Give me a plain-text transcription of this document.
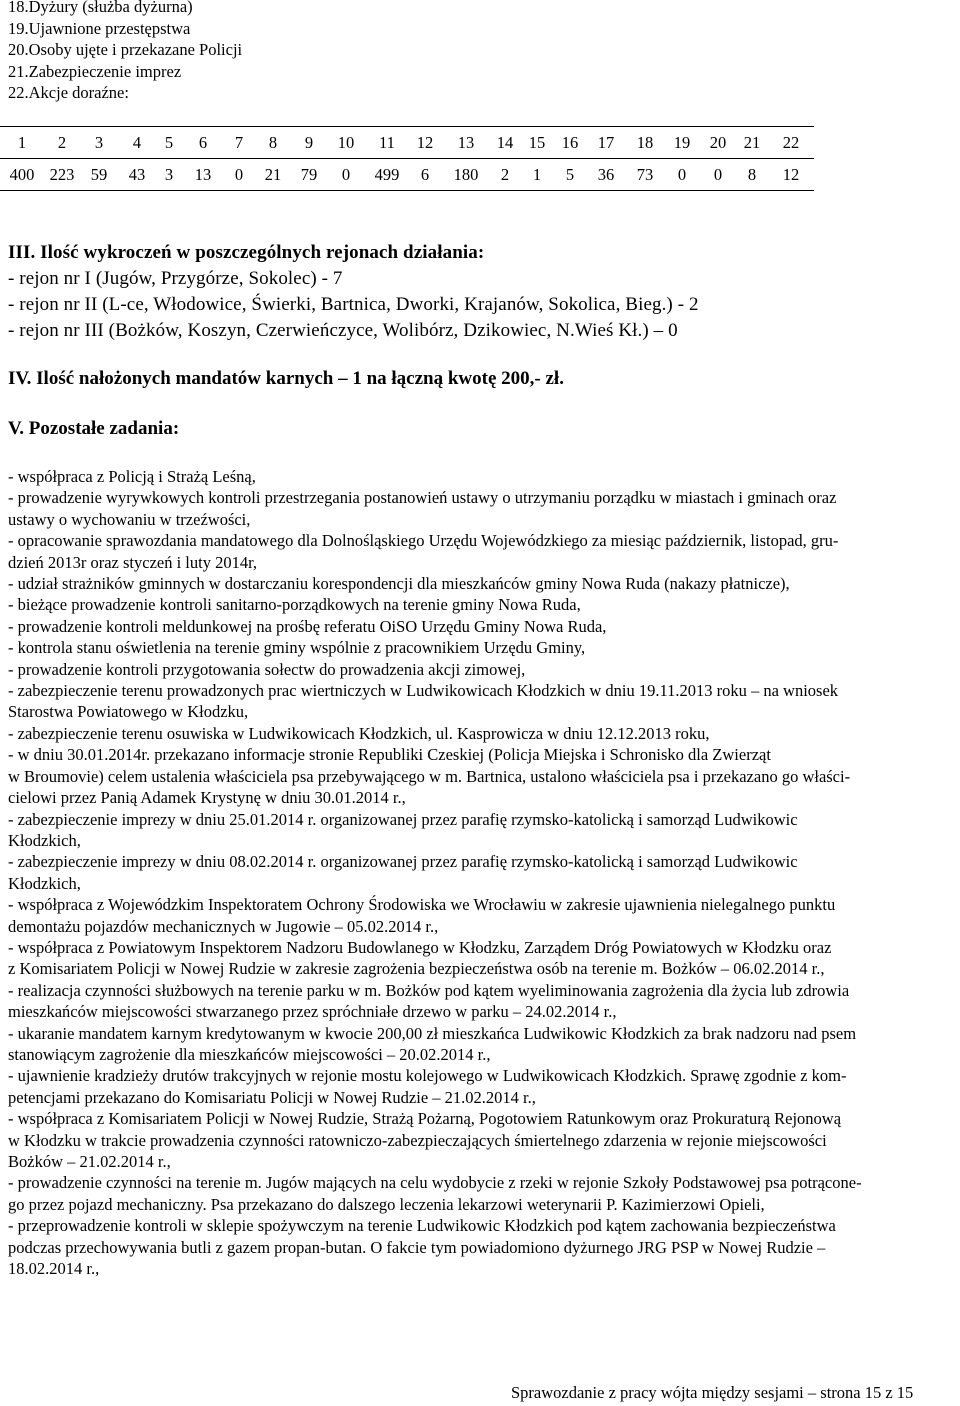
18.Dyżury (służba dyżurna)
19.Ujawnione przestępstwa
20.Osoby ujęte i przekazane Policji
21.Zabezpieczenie imprez
22.Akcje doraźne:
1	2	3	4	5	6	7	8	9	10	11	12	13	14	15	16	17	18	19	20	21	22
400	223	59	43	3	13	0	21	79	0	499	6	180	2	1	5	36	73	0	0	8	12
III. Ilość wykroczeń w poszczególnych rejonach działania:
- rejon nr I (Jugów, Przygórze, Sokolec) - 7
- rejon nr II (L-ce, Włodowice, Świerki, Bartnica, Dworki, Krajanów, Sokolica, Bieg.) - 2
- rejon nr III (Bożków, Koszyn, Czerwieńczyce, Wolibórz, Dzikowiec, N.Wieś Kł.) – 0
IV. Ilość nałożonych mandatów karnych – 1 na łączną kwotę 200,- zł.
V. Pozostałe zadania:
- współpraca z Policją i Strażą Leśną,
- prowadzenie wyrywkowych kontroli przestrzegania postanowień ustawy o utrzymaniu porządku w miastach i gminach oraz
ustawy o wychowaniu w trzeźwości,
- opracowanie sprawozdania mandatowego dla Dolnośląskiego Urzędu Wojewódzkiego za miesiąc październik, listopad, gru-
dzień 2013r oraz styczeń i luty 2014r,
- udział strażników gminnych w dostarczaniu korespondencji dla mieszkańców gminy Nowa Ruda (nakazy płatnicze),
- bieżące prowadzenie kontroli sanitarno-porządkowych na terenie gminy Nowa Ruda,
- prowadzenie kontroli meldunkowej na prośbę referatu OiSO Urzędu Gminy Nowa Ruda,
- kontrola stanu oświetlenia na terenie gminy wspólnie z pracownikiem Urzędu Gminy,
- prowadzenie kontroli przygotowania sołectw do prowadzenia akcji zimowej,
- zabezpieczenie terenu prowadzonych prac wiertniczych w Ludwikowicach Kłodzkich w dniu 19.11.2013 roku – na wniosek
Starostwa Powiatowego w Kłodzku,
- zabezpieczenie terenu osuwiska w Ludwikowicach Kłodzkich, ul. Kasprowicza w dniu 12.12.2013 roku,
- w dniu 30.01.2014r. przekazano informacje stronie Republiki Czeskiej (Policja Miejska i Schronisko dla Zwierząt
w Broumovie) celem ustalenia właściciela psa przebywającego w m. Bartnica, ustalono właściciela psa i przekazano go właści-
cielowi przez Panią Adamek Krystynę w dniu 30.01.2014 r.,
- zabezpieczenie imprezy w dniu 25.01.2014 r. organizowanej przez parafię rzymsko-katolicką i samorząd Ludwikowic
Kłodzkich,
- zabezpieczenie imprezy w dniu 08.02.2014 r. organizowanej przez parafię rzymsko-katolicką i samorząd Ludwikowic
Kłodzkich,
- współpraca z Wojewódzkim Inspektoratem Ochrony Środowiska we Wrocławiu w zakresie ujawnienia nielegalnego punktu
demontażu pojazdów mechanicznych w Jugowie – 05.02.2014 r.,
- współpraca z Powiatowym Inspektorem Nadzoru Budowlanego w Kłodzku, Zarządem Dróg Powiatowych w Kłodzku oraz
z Komisariatem Policji w Nowej Rudzie w zakresie zagrożenia bezpieczeństwa osób na terenie m. Bożków – 06.02.2014 r.,
- realizacja czynności służbowych na terenie parku w m. Bożków pod kątem wyeliminowania zagrożenia dla życia lub zdrowia
mieszkańców miejscowości stwarzanego przez spróchniałe drzewo w parku – 24.02.2014 r.,
- ukaranie mandatem karnym kredytowanym w kwocie 200,00 zł mieszkańca Ludwikowic Kłodzkich za brak nadzoru nad psem
stanowiącym zagrożenie dla mieszkańców miejscowości – 20.02.2014 r.,
- ujawnienie kradzieży drutów trakcyjnych w rejonie mostu kolejowego w Ludwikowicach Kłodzkich. Sprawę zgodnie z kom-
petencjami przekazano do Komisariatu Policji w Nowej Rudzie – 21.02.2014 r.,
- współpraca z Komisariatem Policji w Nowej Rudzie, Strażą Pożarną, Pogotowiem Ratunkowym oraz Prokuraturą Rejonową
w Kłodzku w trakcie prowadzenia czynności ratowniczo-zabezpieczających śmiertelnego zdarzenia w rejonie miejscowości
Bożków – 21.02.2014 r.,
- prowadzenie czynności na terenie m. Jugów mających na celu wydobycie z rzeki w rejonie Szkoły Podstawowej psa potrącone-
go przez pojazd mechaniczny. Psa przekazano do dalszego leczenia lekarzowi weterynarii P. Kazimierzowi Opieli,
- przeprowadzenie kontroli w sklepie spożywczym na terenie Ludwikowic Kłodzkich pod kątem zachowania bezpieczeństwa
podczas przechowywania butli z gazem propan-butan. O fakcie tym powiadomiono dyżurnego JRG PSP w Nowej Rudzie –
18.02.2014 r.,
Sprawozdanie z pracy wójta między sesjami – strona 15 z 15
